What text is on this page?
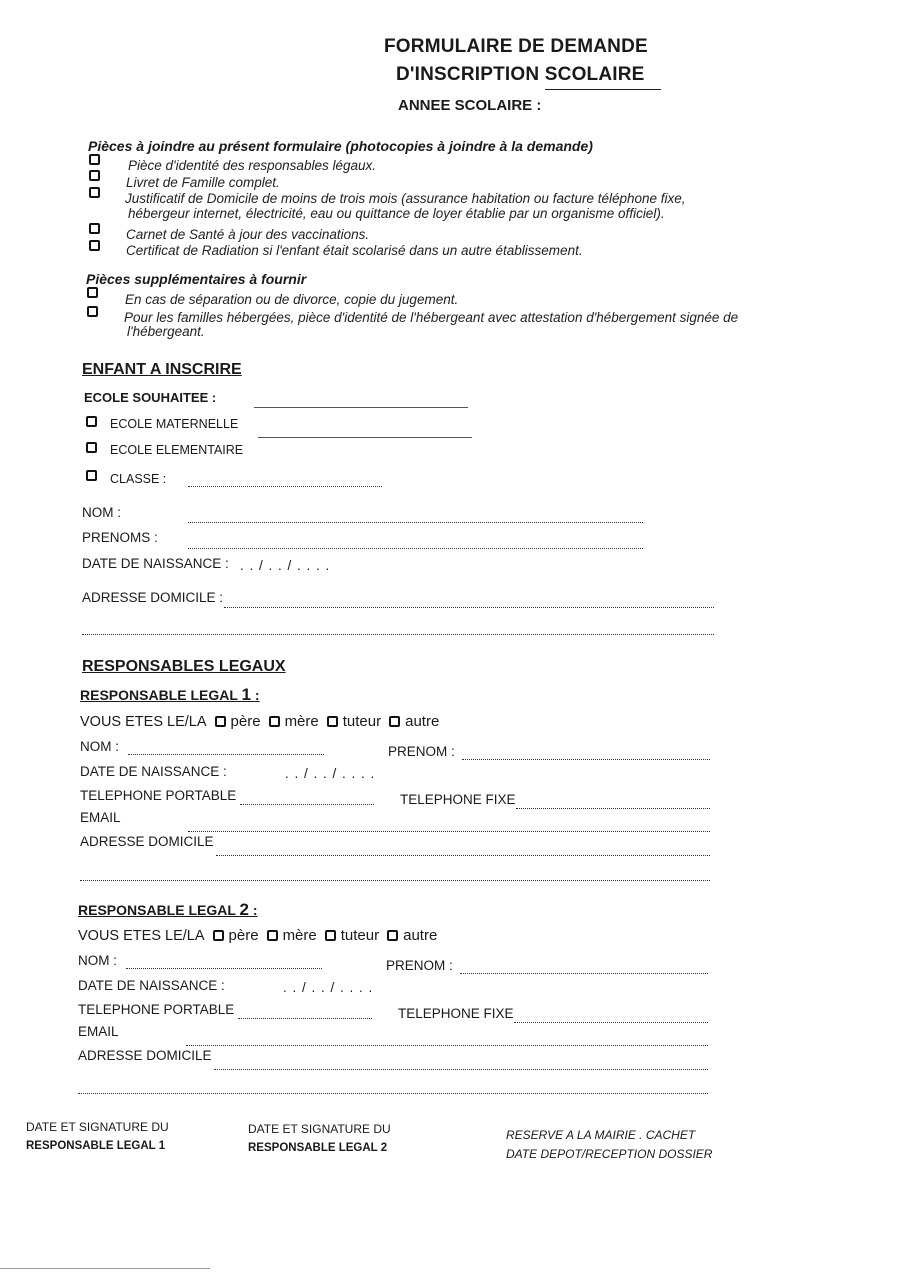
FORMULAIRE DE DEMANDE
D'INSCRIPTION SCOLAIRE
ANNEE SCOLAIRE :
Pièces à joindre au présent formulaire (photocopies à joindre à la demande)
Pièce d'identité des responsables légaux.
Livret de Famille complet.
Justificatif de Domicile de moins de trois mois (assurance habitation ou facture téléphone fixe,
hébergeur internet, électricité, eau ou quittance de loyer établie par un organisme officiel).
Carnet de Santé à jour des vaccinations.
Certificat de Radiation si l'enfant était scolarisé dans un autre établissement.
Pièces supplémentaires à fournir
En cas de séparation ou de divorce, copie du jugement.
Pour les familles hébergées, pièce d'identité de l'hébergeant avec attestation d'hébergement signée de
l'hébergeant.
ENFANT A INSCRIRE
ECOLE SOUHAITEE :
ECOLE MATERNELLE
ECOLE ELEMENTAIRE
CLASSE :
NOM :
PRENOMS :
DATE DE NAISSANCE : . . / . . / . . . .
ADRESSE DOMICILE :
RESPONSABLES LEGAUX
RESPONSABLE LEGAL 1 :
VOUS ETES LE/LA père mère tuteur autre
NOM :	PRENOM :
DATE DE NAISSANCE :	. . / . . / . . . .
TELEPHONE PORTABLE	TELEPHONE FIXE
EMAIL
ADRESSE DOMICILE
RESPONSABLE LEGAL 2 :
VOUS ETES LE/LA père mère tuteur autre
NOM :	PRENOM :
DATE DE NAISSANCE :	. . / . . / . . . .
TELEPHONE PORTABLE	TELEPHONE FIXE
EMAIL
ADRESSE DOMICILE
DATE ET SIGNATURE DU
RESPONSABLE LEGAL 1
DATE ET SIGNATURE DU
RESPONSABLE LEGAL 2
RESERVE A LA MAIRIE . CACHET
DATE DEPOT/RECEPTION DOSSIER
